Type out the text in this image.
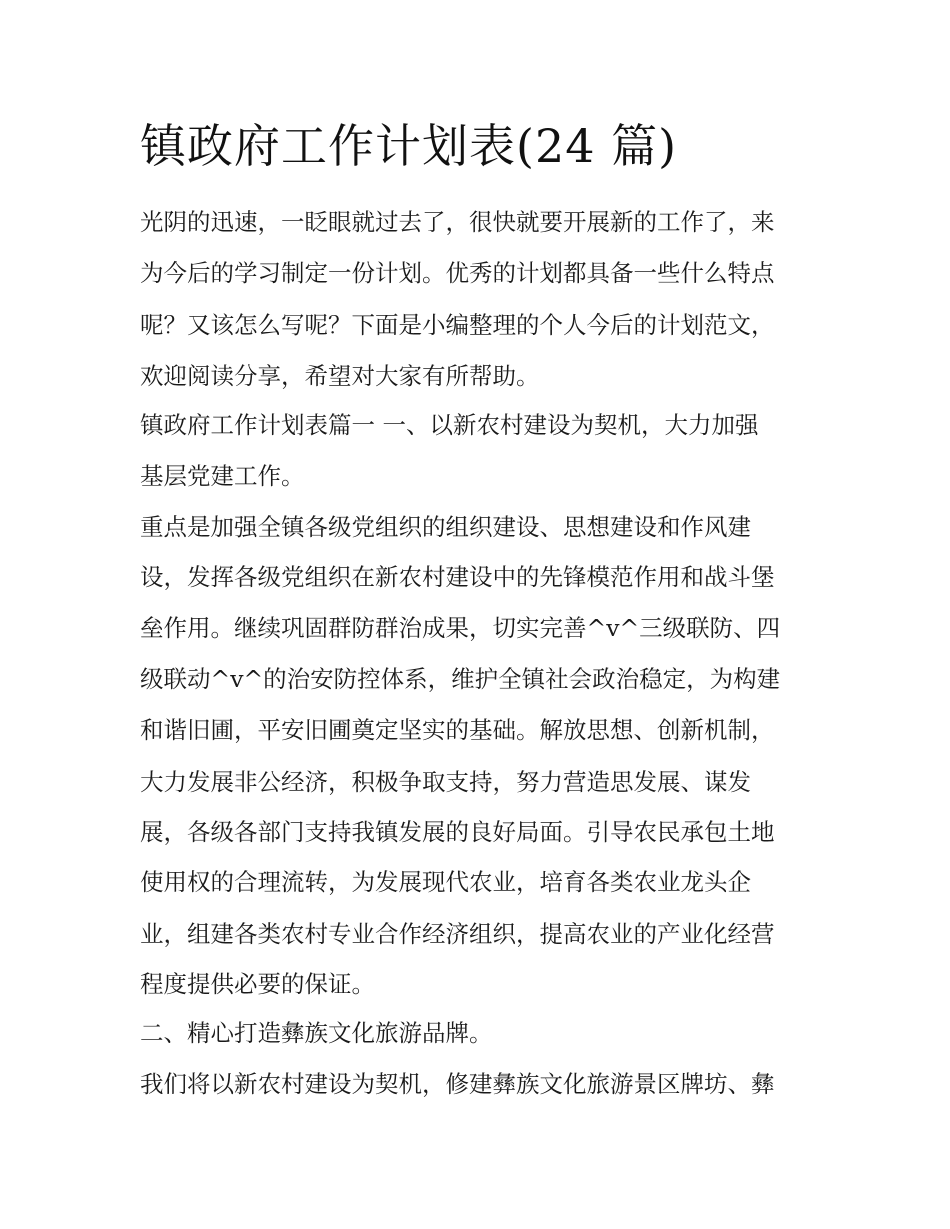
镇政府工作计划表(24 篇)
光阴的迅速，一眨眼就过去了，很快就要开展新的工作了，来
为今后的学习制定一份计划。优秀的计划都具备一些什么特点
呢？又该怎么写呢？下面是小编整理的个人今后的计划范文，
欢迎阅读分享，希望对大家有所帮助。
镇政府工作计划表篇一 一、以新农村建设为契机，大力加强
基层党建工作。
重点是加强全镇各级党组织的组织建设、思想建设和作风建
设，发挥各级党组织在新农村建设中的先锋模范作用和战斗堡
垒作用。继续巩固群防群治成果，切实完善^v^三级联防、四
级联动^v^的治安防控体系，维护全镇社会政治稳定，为构建
和谐旧圃，平安旧圃奠定坚实的基础。解放思想、创新机制，
大力发展非公经济，积极争取支持，努力营造思发展、谋发
展，各级各部门支持我镇发展的良好局面。引导农民承包土地
使用权的合理流转，为发展现代农业，培育各类农业龙头企
业，组建各类农村专业合作经济组织，提高农业的产业化经营
程度提供必要的保证。
二、精心打造彝族文化旅游品牌。
我们将以新农村建设为契机，修建彝族文化旅游景区牌坊、彝
